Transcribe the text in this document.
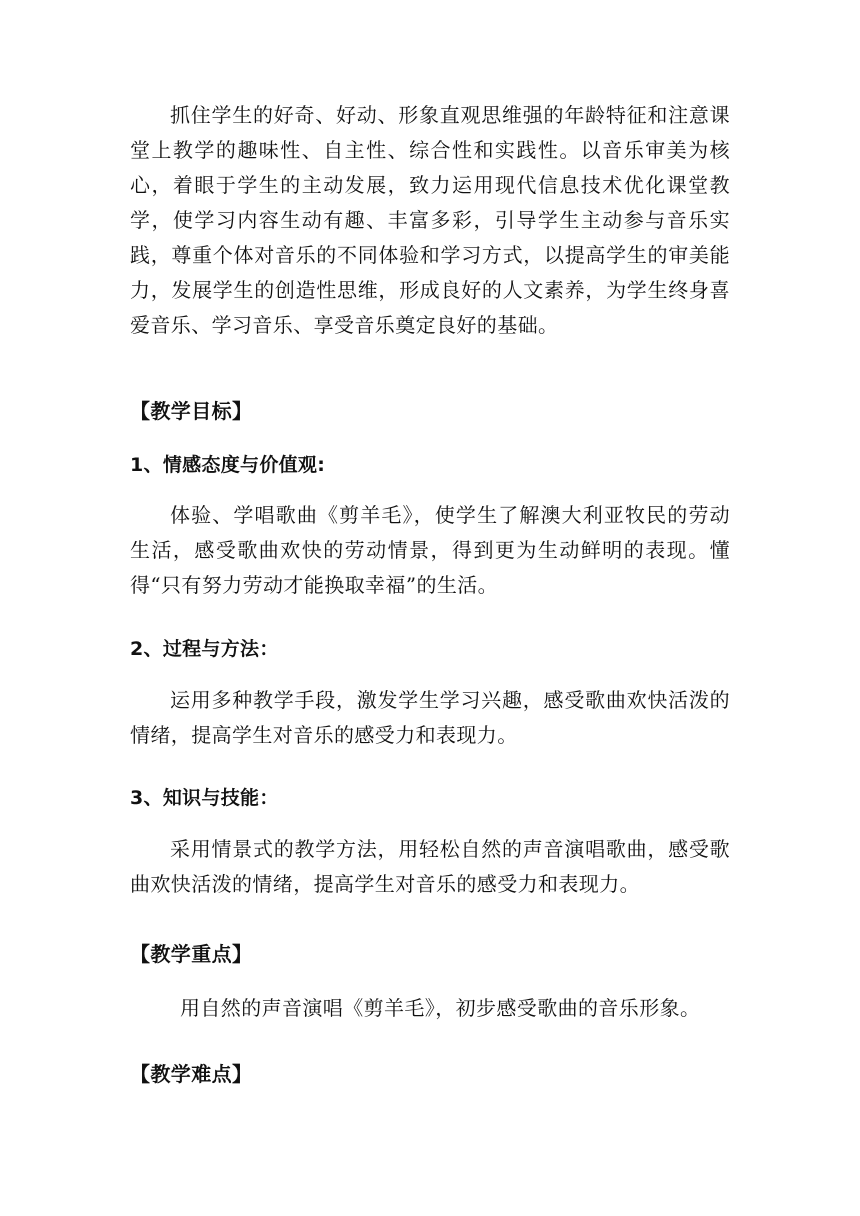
抓住学生的好奇、好动、形象直观思维强的年龄特征和注意课堂上教学的趣味性、自主性、综合性和实践性。以音乐审美为核心，着眼于学生的主动发展，致力运用现代信息技术优化课堂教学，使学习内容生动有趣、丰富多彩，引导学生主动参与音乐实践，尊重个体对音乐的不同体验和学习方式，以提高学生的审美能力，发展学生的创造性思维，形成良好的人文素养，为学生终身喜爱音乐、学习音乐、享受音乐奠定良好的基础。

【教学目标】
1、情感态度与价值观:

体验、学唱歌曲《剪羊毛》，使学生了解澳大利亚牧民的劳动生活，感受歌曲欢快的劳动情景，得到更为生动鲜明的表现。懂得“只有努力劳动才能换取幸福”的生活。

2、过程与方法：

运用多种教学手段，激发学生学习兴趣，感受歌曲欢快活泼的情绪，提高学生对音乐的感受力和表现力。

3、知识与技能：

采用情景式的教学方法，用轻松自然的声音演唱歌曲，感受歌曲欢快活泼的情绪，提高学生对音乐的感受力和表现力。

【教学重点】

用自然的声音演唱《剪羊毛》，初步感受歌曲的音乐形象。

【教学难点】
